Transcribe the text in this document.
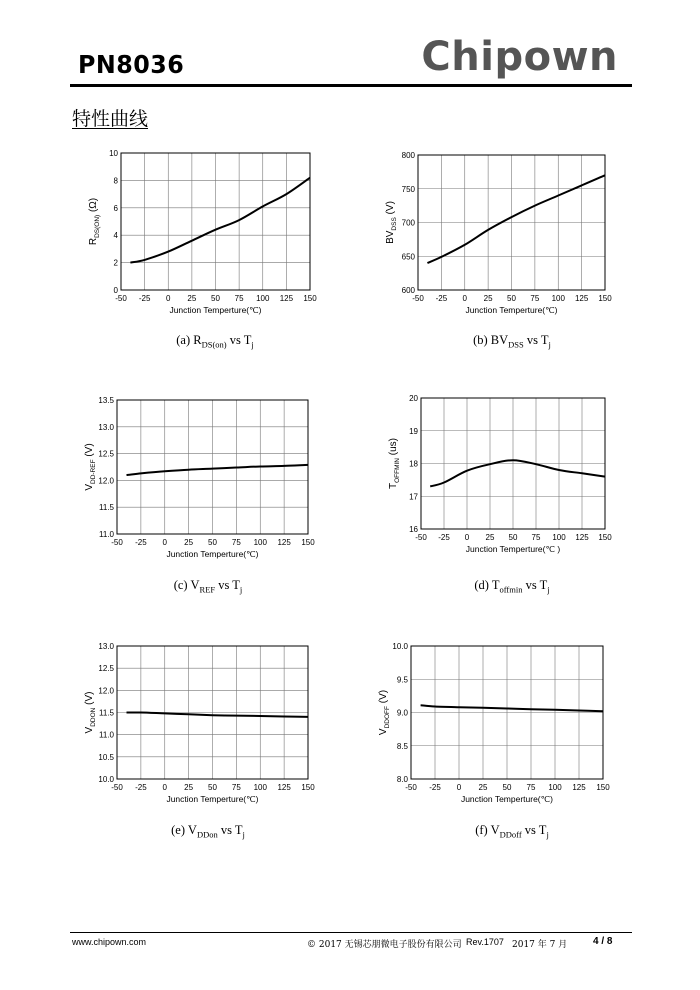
PN8036	Chipown
特性曲线
-50 -25 0 25 50 75 100 125 150
0
2
4
6
8
10
Junction Temperture(℃)
$R_{DS(ON)}$ (Ω)
-50 -25 0 25 50 75 100 125 150
600
650
700
750
800
Junction Temperture(℃)
$BV_{DSS}$ (V)
-50 -25 0 25 50 75 100 125 150
11.0
11.5
12.0
12.5
13.0
13.5
Junction Temperture(℃)
$V_{DD-REF}$ (V)
-50 -25 0 25 50 75 100 125 150
16
17
18
19
20
Junction Temperture(℃ )
$T_{OFFMIN}$ (us)
-50 -25 0 25 50 75 100 125 150
10.0
10.5
11.0
11.5
12.0
12.5
13.0
Junction Temperture(℃)
$V_{DDON}$ (V)
-50 -25 0 25 50 75 100 125 150
8.0
8.5
9.0
9.5
10.0
Junction Temperture(℃)
$V_{DDOFF}$ (V)
(a) $R_{DS(on)}$ vs $T_j$	(b) $BV_{DSS}$ vs $T_j$
(c) $V_{REF}$ vs $T_j$	(d) $T_{offmin}$ vs $T_j$
(e) $V_{DDon}$ vs $T_j$	(f) $V_{DDoff}$ vs $T_j$
www.chipown.com	© 2017 无锡芯朋微电子股份有限公司 Rev.1707 2017 年 7 月	4 / 8
